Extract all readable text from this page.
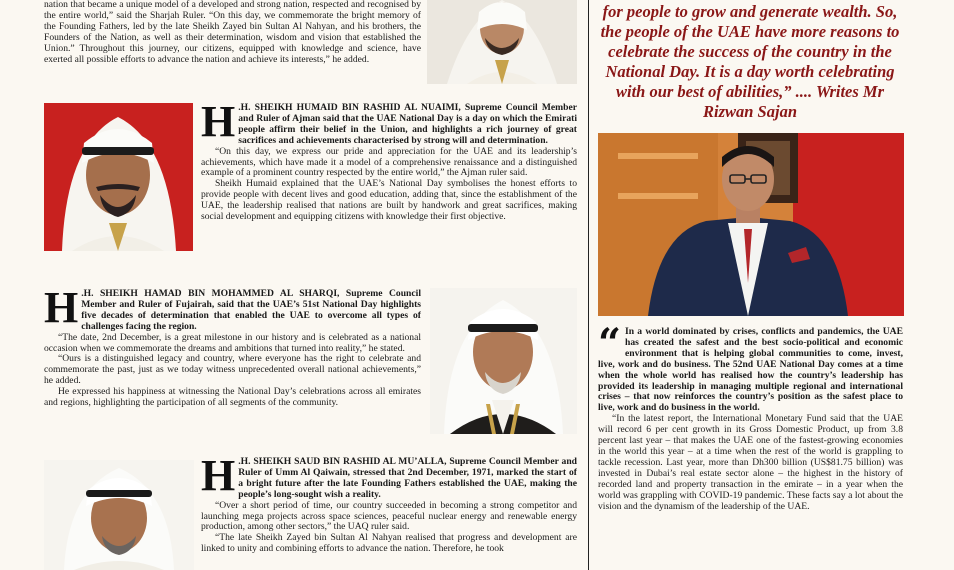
nation that became a unique model of a developed and strong nation, respected and recognised by the entire world,” said the Sharjah Ruler. “On this day, we commemorate the bright memory of the Founding Fathers, led by the late Sheikh Zayed bin Sultan Al Nahyan, and his brothers, the Founders of the Nation, as well as their determination, wisdom and vision that established the Union.” Throughout this journey, our citizens, equipped with knowledge and science, have exerted all possible efforts to advance the nation and achieve its interests,” he added.

H .H. SHEIKH HUMAID BIN RASHID AL NUAIMI, Supreme Council Member and Ruler of Ajman said that the UAE National Day is a day on which the Emirati people affirm their belief in the Union, and highlights a rich journey of great sacrifices and achievements characterised by strong will and determination.

“On this day, we express our pride and appreciation for the UAE and its leadership’s achievements, which have made it a model of a comprehensive renaissance and a distinguished example of a prominent country respected by the entire world,” the Ajman ruler said.

Sheikh Humaid explained that the UAE’s National Day symbolises the honest efforts to provide people with decent lives and good education, adding that, since the establishment of the UAE, the leadership realised that nations are built by handwork and great sacrifices, making social development and equipping citizens with knowledge their first objective.

H .H. SHEIKH HAMAD BIN MOHAMMED AL SHARQI, Supreme Council Member and Ruler of Fujairah, said that the UAE’s 51st National Day highlights five decades of determination that enabled the UAE to overcome all types of challenges facing the region.

“The date, 2nd December, is a great milestone in our history and is celebrated as a national occasion when we commemorate the dreams and ambitions that turned into reality,” he stated.

“Ours is a distinguished legacy and country, where everyone has the right to celebrate and commemorate the past, just as we today witness unprecedented overall national achievements,” he added.

He expressed his happiness at witnessing the National Day’s celebrations across all emirates and regions, highlighting the participation of all segments of the community.

H .H. SHEIKH SAUD BIN RASHID AL MU’ALLA, Supreme Council Member and Ruler of Umm Al Qaiwain, stressed that 2nd December, 1971, marked the start of a bright future after the late Founding Fathers established the UAE, making the people’s long-sought wish a reality.

“Over a short period of time, our country succeeded in becoming a strong competitor and launching mega projects across space sciences, peaceful nuclear energy and renewable energy production, among other sectors,” the UAQ ruler said.

“The late Sheikh Zayed bin Sultan Al Nahyan realised that progress and development are linked to unity and combining efforts to advance the nation. Therefore, he took

for people to grow and generate wealth. So, the people of the UAE have more reasons to celebrate the success of the country in the National Day. It is a day worth celebrating with our best of abilities,” .... Writes Mr Rizwan Sajan

“ In a world dominated by crises, conflicts and pandemics, the UAE has created the safest and the best socio-political and economic environment that is helping global communities to come, invest, live, work and do business. The 52nd UAE National Day comes at a time when the whole world has realised how the country’s leadership has provided its leadership in managing multiple regional and international crises – that now reinforces the country’s position as the safest place to live, work and do business in the world.

“In the latest report, the International Monetary Fund said that the UAE will record 6 per cent growth in its Gross Domestic Product, up from 3.8 percent last year – that makes the UAE one of the fastest-growing economies in the world this year – at a time when the rest of the world is grappling to tackle recession. Last year, more than Dh300 billion (US$81.75 billion) was invested in Dubai’s real estate sector alone – the highest in the history of recorded land and property transaction in the emirate – in a year when the world was grappling with COVID-19 pandemic. These facts say a lot about the vision and the dynamism of the leadership of the UAE.
